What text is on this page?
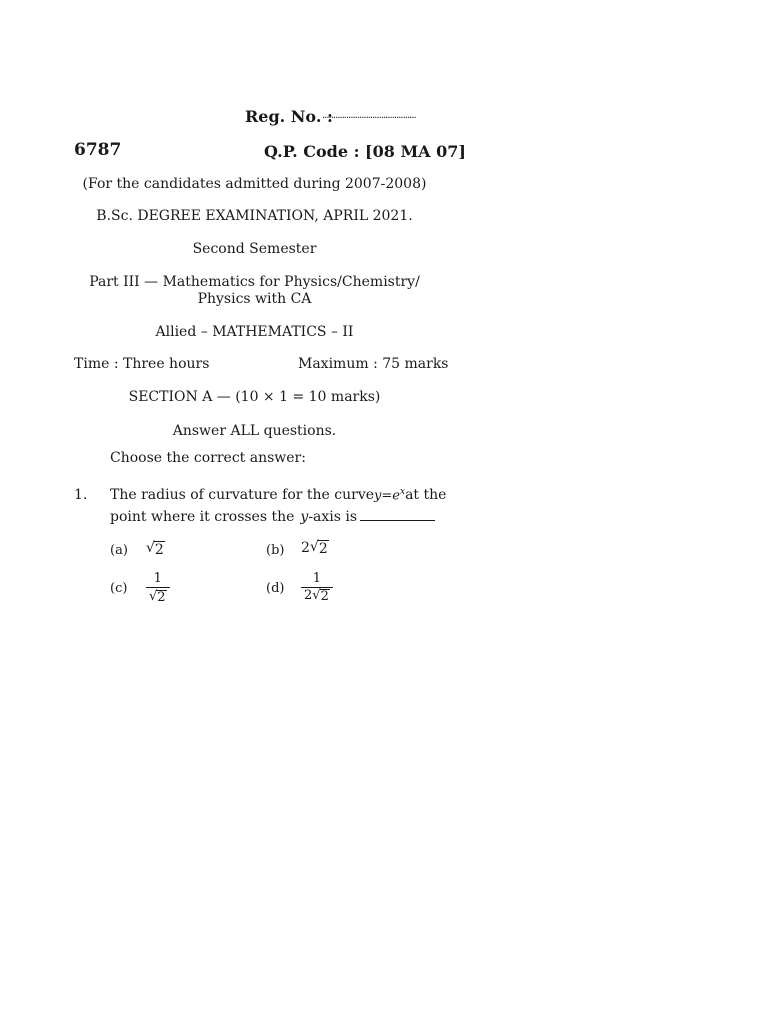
Reg. No. :
...........................................
6787	Q.P. Code : [08 MA 07]
(For the candidates admitted during 2007-2008)
B.Sc. DEGREE EXAMINATION, APRIL 2021.
Second Semester
Part III — Mathematics for Physics/Chemistry/
Physics with CA
Allied – MATHEMATICS – II
Time : Three hours	Maximum : 75 marks
SECTION A — (10 × 1 = 10 marks)
Answer ALL questions.
Choose the correct answer:
1. The radius of curvature for the curve $y=e^x$ at the
point where it crosses the y -axis is
(a) √ 2	(b) 2 √ 2
$(c) \frac{1}{√ 2}$	$(d) \frac{1}{2 √ 2}$
